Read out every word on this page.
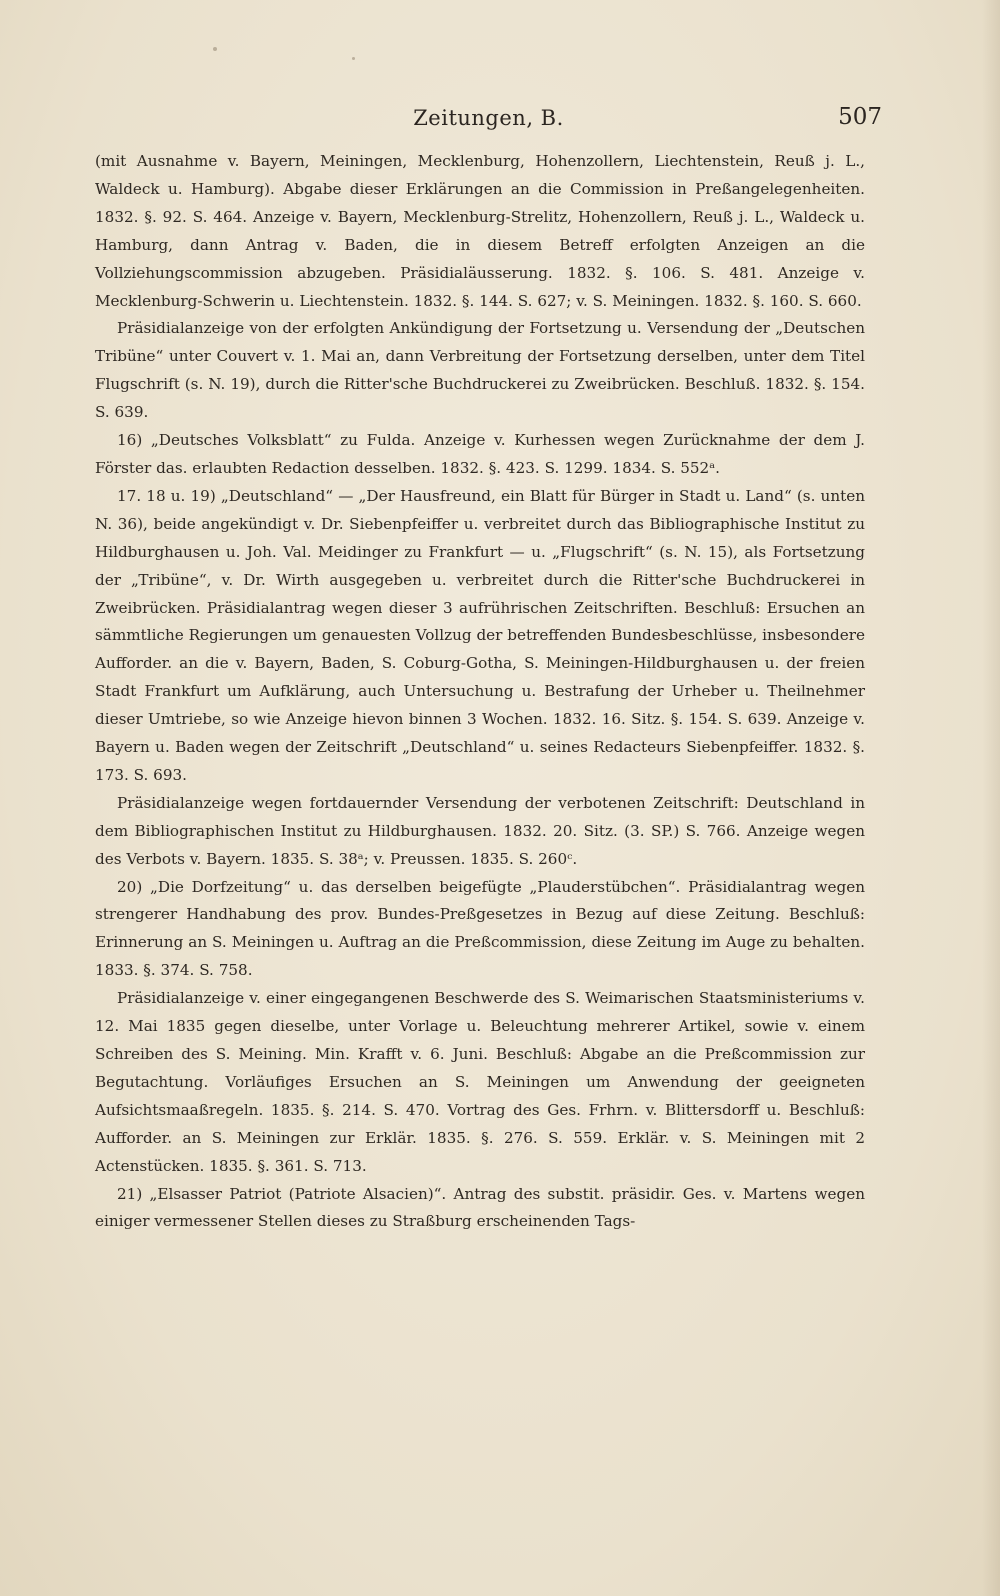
Zeitungen, B.	507

(mit Ausnahme v. Bayern, Meiningen, Mecklenburg, Hohenzollern, Liechtenstein, Reuß j. L., Waldeck u. Hamburg). Abgabe dieser Erklärungen an die Commission in Preßangelegenheiten. 1832. §. 92. S. 464. Anzeige v. Bayern, Mecklenburg-Strelitz, Hohenzollern, Reuß j. L., Waldeck u. Hamburg, dann Antrag v. Baden, die in diesem Betreff erfolgten Anzeigen an die Vollziehungscommission abzugeben. Präsidialäusserung. 1832. §. 106. S. 481. Anzeige v. Mecklenburg-Schwerin u. Liechtenstein. 1832. §. 144. S. 627; v. S. Meiningen. 1832. §. 160. S. 660.

Präsidialanzeige von der erfolgten Ankündigung der Fortsetzung u. Versendung der „Deutschen Tribüne“ unter Couvert v. 1. Mai an, dann Verbreitung der Fortsetzung derselben, unter dem Titel Flugschrift (s. N. 19), durch die Ritter'sche Buchdruckerei zu Zweibrücken. Beschluß. 1832. §. 154. S. 639.

16) „Deutsches Volksblatt“ zu Fulda. Anzeige v. Kurhessen wegen Zurücknahme der dem J. Förster das. erlaubten Redaction desselben. 1832. §. 423. S. 1299. 1834. S. 552ᵃ.

17. 18 u. 19) „Deutschland“ — „Der Hausfreund, ein Blatt für Bürger in Stadt u. Land“ (s. unten N. 36), beide angekündigt v. Dr. Siebenpfeiffer u. verbreitet durch das Bibliographische Institut zu Hildburghausen u. Joh. Val. Meidinger zu Frankfurt — u. „Flugschrift“ (s. N. 15), als Fortsetzung der „Tribüne“, v. Dr. Wirth ausgegeben u. verbreitet durch die Ritter'sche Buchdruckerei in Zweibrücken. Präsidialantrag wegen dieser 3 aufrührischen Zeitschriften. Beschluß: Ersuchen an sämmtliche Regierungen um genauesten Vollzug der betreffenden Bundesbeschlüsse, insbesondere Aufforder. an die v. Bayern, Baden, S. Coburg-Gotha, S. Meiningen-Hildburghausen u. der freien Stadt Frankfurt um Aufklärung, auch Untersuchung u. Bestrafung der Urheber u. Theilnehmer dieser Umtriebe, so wie Anzeige hievon binnen 3 Wochen. 1832. 16. Sitz. §. 154. S. 639. Anzeige v. Bayern u. Baden wegen der Zeitschrift „Deutschland“ u. seines Redacteurs Siebenpfeiffer. 1832. §. 173. S. 693.

Präsidialanzeige wegen fortdauernder Versendung der verbotenen Zeitschrift: Deutschland in dem Bibliographischen Institut zu Hildburghausen. 1832. 20. Sitz. (3. SP.) S. 766. Anzeige wegen des Verbots v. Bayern. 1835. S. 38ᵃ; v. Preussen. 1835. S. 260ᶜ.

20) „Die Dorfzeitung“ u. das derselben beigefügte „Plauderstübchen“. Präsidialantrag wegen strengerer Handhabung des prov. Bundes-Preßgesetzes in Bezug auf diese Zeitung. Beschluß: Erinnerung an S. Meiningen u. Auftrag an die Preßcommission, diese Zeitung im Auge zu behalten. 1833. §. 374. S. 758.

Präsidialanzeige v. einer eingegangenen Beschwerde des S. Weimarischen Staatsministeriums v. 12. Mai 1835 gegen dieselbe, unter Vorlage u. Beleuchtung mehrerer Artikel, sowie v. einem Schreiben des S. Meining. Min. Krafft v. 6. Juni. Beschluß: Abgabe an die Preßcommission zur Begutachtung. Vorläufiges Ersuchen an S. Meiningen um Anwendung der geeigneten Aufsichtsmaaßregeln. 1835. §. 214. S. 470. Vortrag des Ges. Frhrn. v. Blittersdorff u. Beschluß: Aufforder. an S. Meiningen zur Erklär. 1835. §. 276. S. 559. Erklär. v. S. Meiningen mit 2 Actenstücken. 1835. §. 361. S. 713.

21) „Elsasser Patriot (Patriote Alsacien)“. Antrag des substit. präsidir. Ges. v. Martens wegen einiger vermessener Stellen dieses zu Straßburg erscheinenden Tags-
